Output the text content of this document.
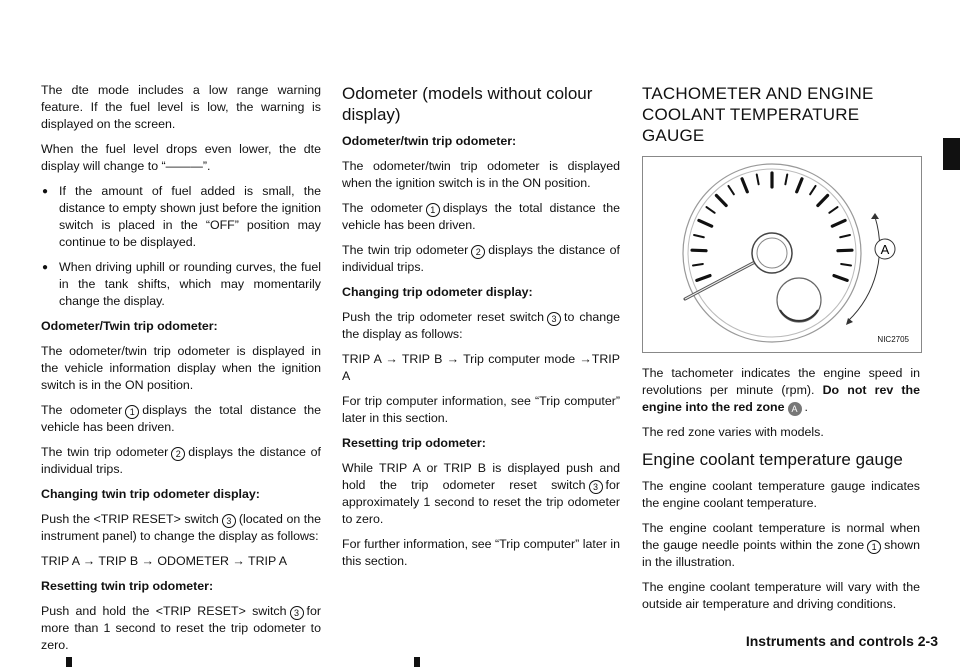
The dte mode includes a low range warning feature. If the fuel level is low, the warning is displayed on the screen.

When the fuel level drops even lower, the dte display will change to “———”.

● If the amount of fuel added is small, the distance to empty shown just before the ignition switch is placed in the “OFF” position may continue to be displayed.
● When driving uphill or rounding curves, the fuel in the tank shifts, which may momentarily change the display.
Odometer/Twin trip odometer:

The odometer/twin trip odometer is displayed in the vehicle information display when the ignition switch is in the ON position.

The odometer 1 displays the total distance the vehicle has been driven.

The twin trip odometer 2 displays the distance of individual trips.

Changing twin trip odometer display:

Push the <TRIP RESET> switch 3 (located on the instrument panel) to change the display as follows:

TRIP A → TRIP B → ODOMETER → TRIP A

Resetting twin trip odometer:

Push and hold the <TRIP RESET> switch 3 for more than 1 second to reset the trip odometer to zero.

Odometer (models without colour display)
Odometer/twin trip odometer:

The odometer/twin trip odometer is displayed when the ignition switch is in the ON position.

The odometer 1 displays the total distance the vehicle has been driven.

The twin trip odometer 2 displays the distance of individual trips.

Changing trip odometer display:

Push the trip odometer reset switch 3 to change the display as follows:

TRIP A → TRIP B → Trip computer mode →TRIP A

For trip computer information, see “Trip computer” later in this section.

Resetting trip odometer:

While TRIP A or TRIP B is displayed push and hold the trip odometer reset switch 3 for approximately 1 second to reset the trip odometer to zero.

For further information, see “Trip computer” later in this section.

TACHOMETER AND ENGINE COOLANT TEMPERATURE GAUGE
A
NIC2705

The tachometer indicates the engine speed in revolutions per minute (rpm). Do not rev the engine into the red zone A .

The red zone varies with models.

Engine coolant temperature gauge

The engine coolant temperature gauge indicates the engine coolant temperature.

The engine coolant temperature is normal when the gauge needle points within the zone 1 shown in the illustration.

The engine coolant temperature will vary with the outside air temperature and driving conditions.

Instruments and controls 2-3
